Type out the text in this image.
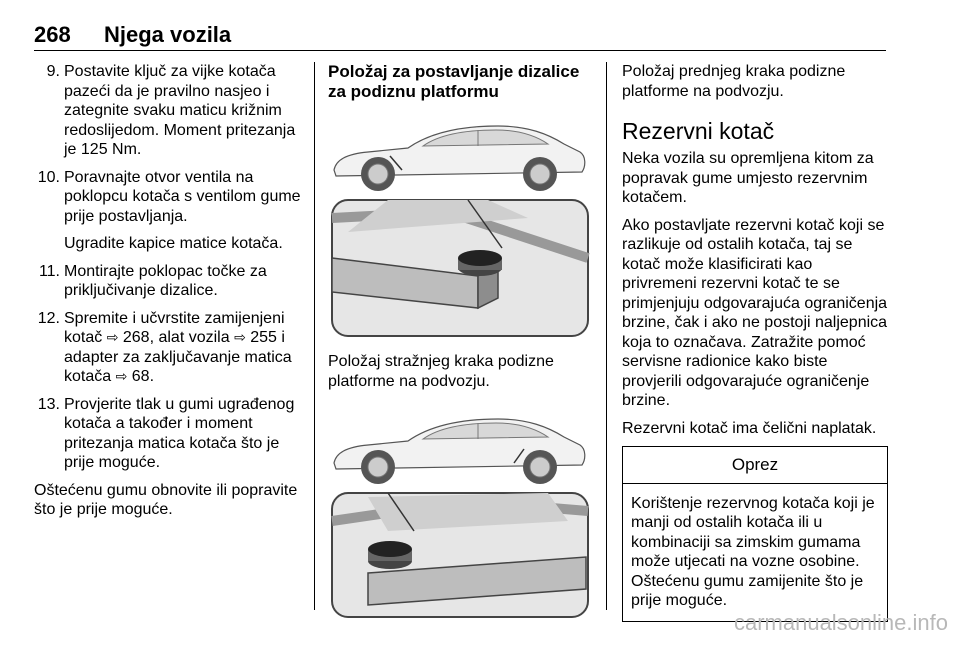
268 Njega vozila
9. Postavite ključ za vijke kotača pazeći da je pravilno nasjeo i zategnite svaku maticu križnim redoslijedom. Moment pritezanja je 125 Nm.

10. Poravnajte otvor ventila na poklopcu kotača s ventilom gume prije postavljanja.

Ugradite kapice matice kotača.

11. Montirajte poklopac točke za priključivanje dizalice.

12. Spremite i učvrstite zamijenjeni kotač ⇨ 268, alat vozila ⇨ 255 i adapter za zaključavanje matica kotača ⇨ 68.

13. Provjerite tlak u gumi ugrađenog kotača a također i moment pritezanja matica kotača što je prije moguće.

Oštećenu gumu obnovite ili popravite što je prije moguće.

Položaj za postavljanje dizalice za podiznu platformu

Položaj stražnjeg kraka podizne platforme na podvozju.

Položaj prednjeg kraka podizne platforme na podvozju.

Rezervni kotač

Neka vozila su opremljena kitom za popravak gume umjesto rezervnim kotačem.

Ako postavljate rezervni kotač koji se razlikuje od ostalih kotača, taj se kotač može klasificirati kao privremeni rezervni kotač te se primjenjuju odgovarajuća ograničenja brzine, čak i ako ne postoji naljepnica koja to označava. Zatražite pomoć servisne radionice kako biste provjerili odgovarajuće ograničenje brzine.

Rezervni kotač ima čelični naplatak.

Oprez
Korištenje rezervnog kotača koji je manji od ostalih kotača ili u kombinaciji sa zimskim gumama može utjecati na vozne osobine. Oštećenu gumu zamijenite što je prije moguće.
carmanualsonline.info
